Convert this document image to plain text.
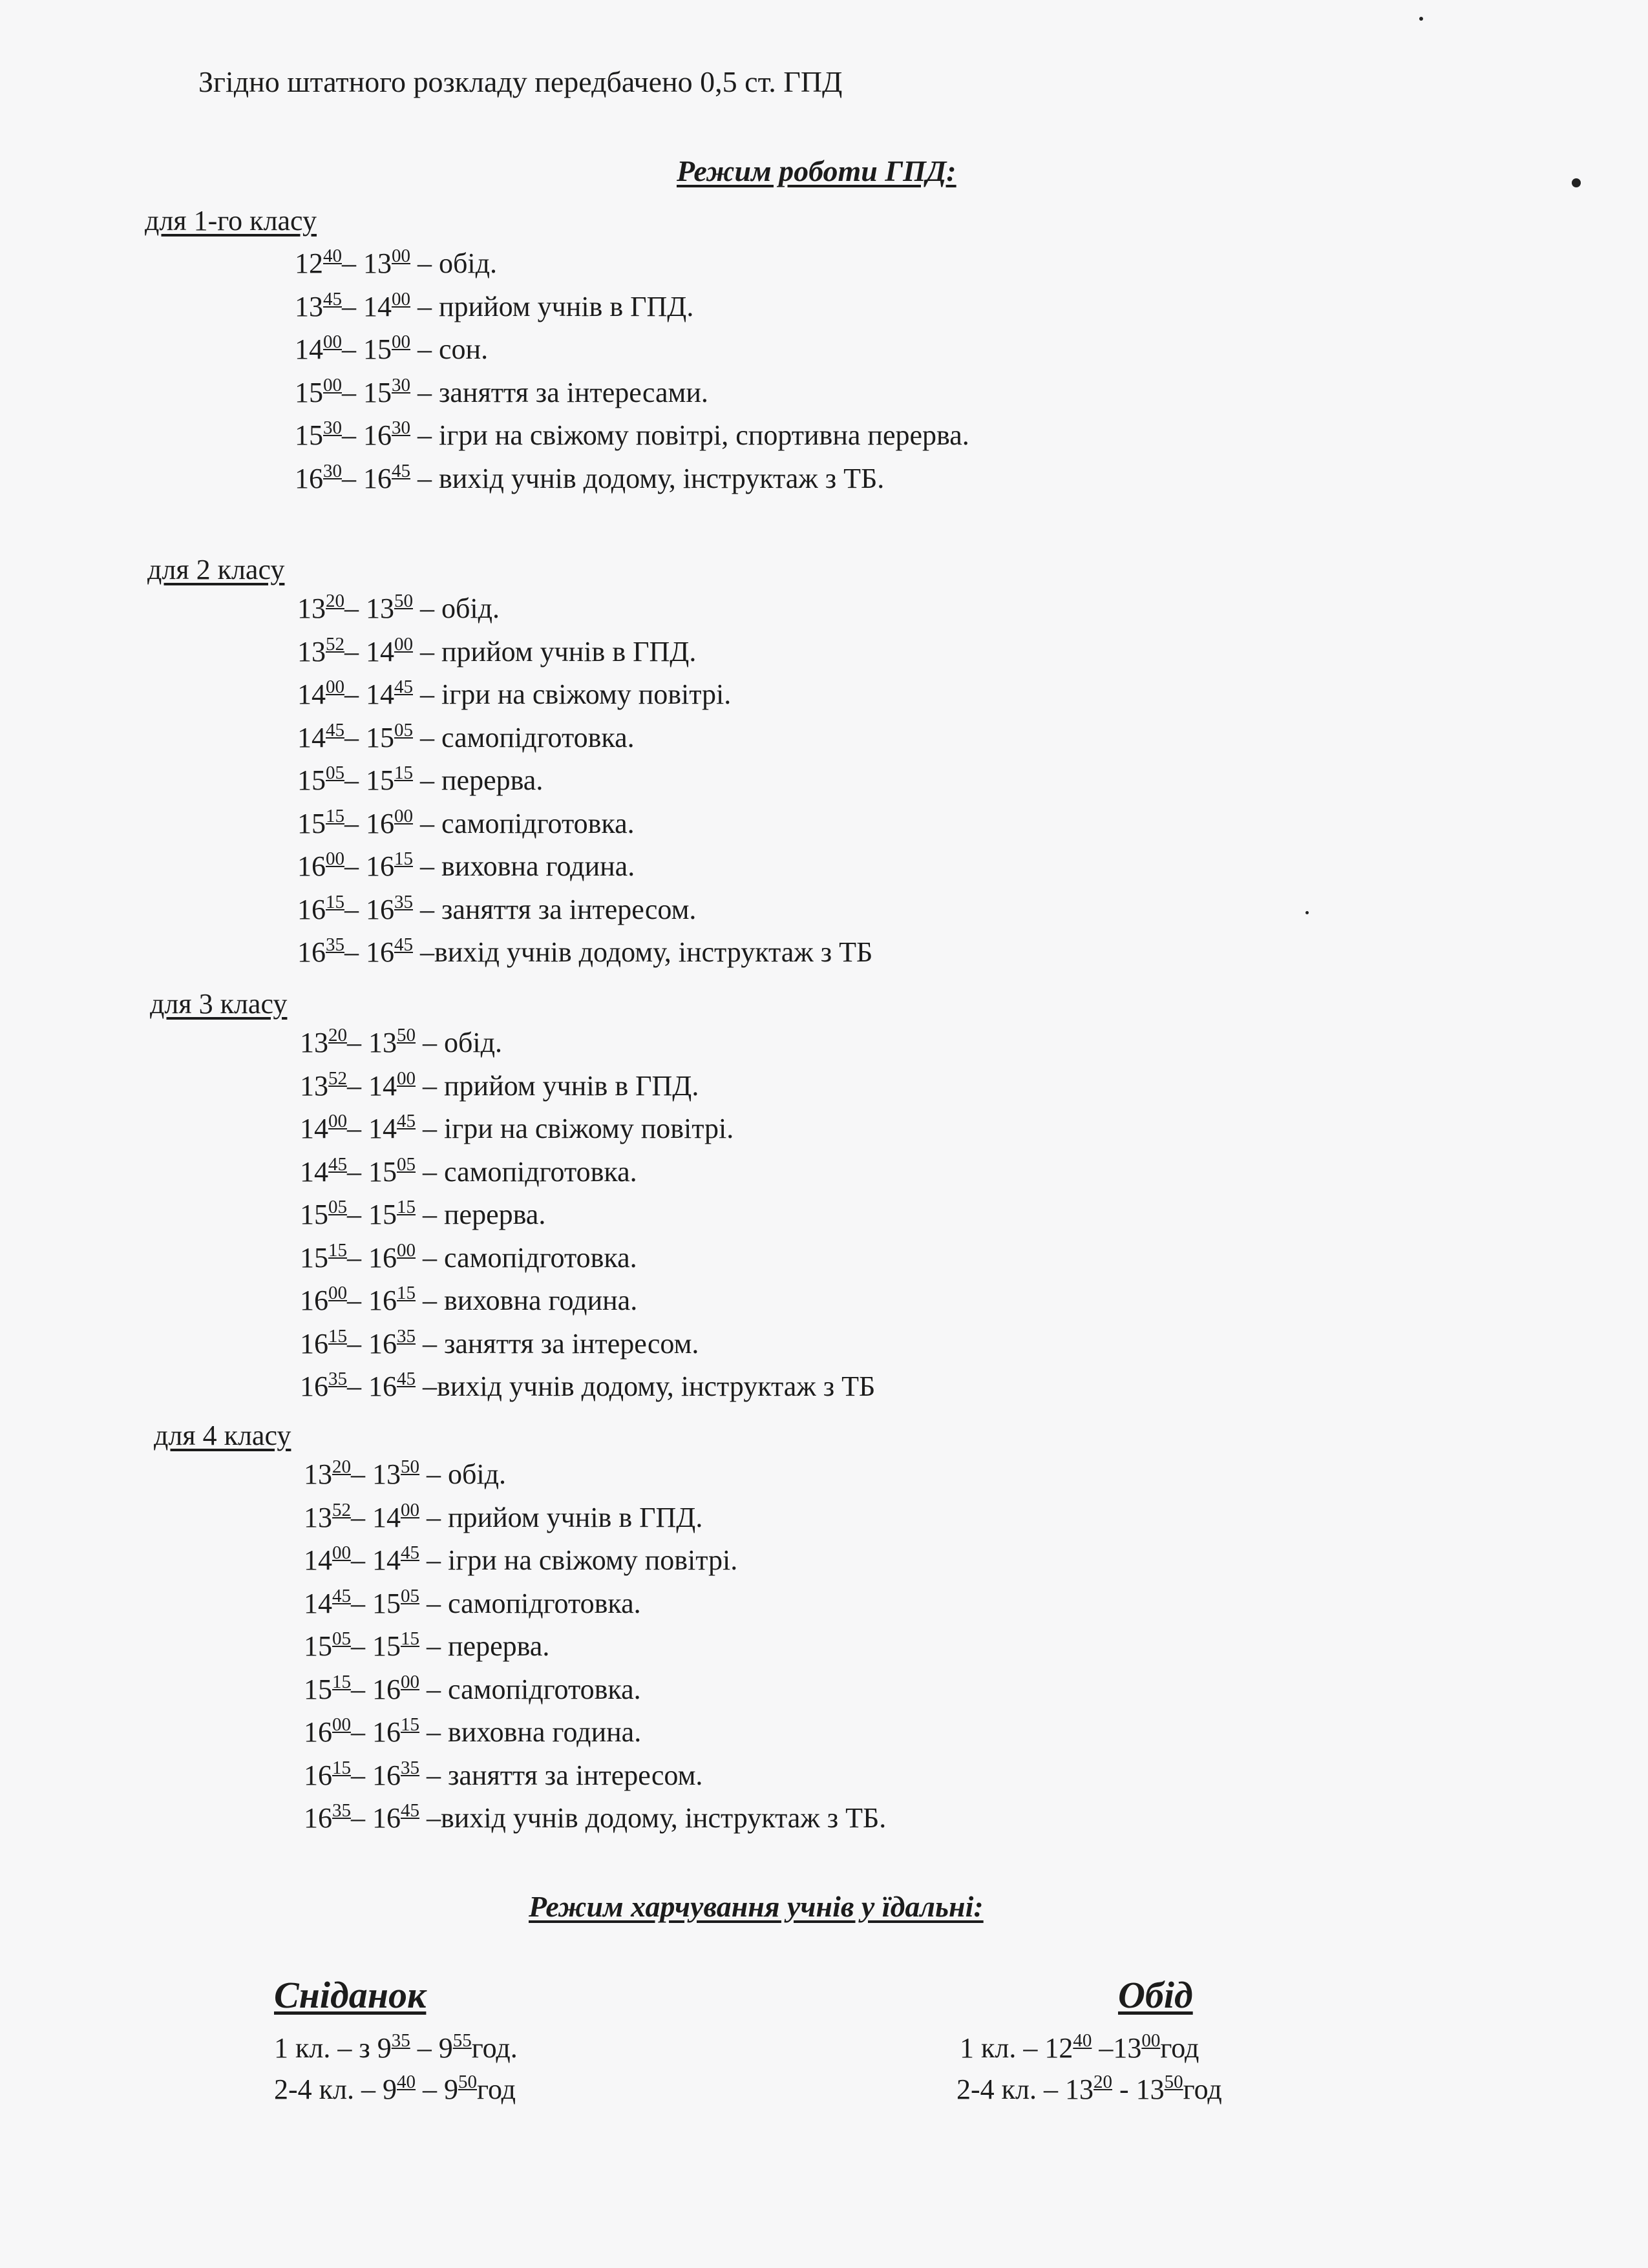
Згідно штатного розкладу передбачено 0,5 ст. ГПД
Режим роботи ГПД:
для 1-го класу
$12^{40}-$ $13^{00}$ – обід.
$13^{45}-$ $14^{00}$ – прийом учнів в ГПД.
$14^{00}-$ $15^{00}$ – сон.
$15^{00}-$ $15^{30}$ – заняття за інтересами.
$15^{30}-$ $16^{30}$ – ігри на свіжому повітрі, спортивна перерва.
$16^{30}-$ $16^{45}$ – вихід учнів додому, інструктаж з ТБ.
для 2 класу
$13^{20}-$ $13^{50}$ – обід.
$13^{52}-$ $14^{00}$ – прийом учнів в ГПД.
$14^{00}-$ $14^{45}$ – ігри на свіжому повітрі.
$14^{45}-$ $15^{05}$ – самопідготовка.
$15^{05}-$ $15^{15}$ – перерва.
$15^{15}-$ $16^{00}$ – самопідготовка.
$16^{00}-$ $16^{15}$ – виховна година.
$16^{15}-$ $16^{35}$ – заняття за інтересом.
$16^{35}-$ $16^{45}$ –вихід учнів додому, інструктаж з ТБ
для 3 класу
$13^{20}-$ $13^{50}$ – обід.
$13^{52}-$ $14^{00}$ – прийом учнів в ГПД.
$14^{00}-$ $14^{45}$ – ігри на свіжому повітрі.
$14^{45}-$ $15^{05}$ – самопідготовка.
$15^{05}-$ $15^{15}$ – перерва.
$15^{15}-$ $16^{00}$ – самопідготовка.
$16^{00}-$ $16^{15}$ – виховна година.
$16^{15}-$ $16^{35}$ – заняття за інтересом.
$16^{35}-$ $16^{45}$ –вихід учнів додому, інструктаж з ТБ
для 4 класу
$13^{20}-$ $13^{50}$ – обід.
$13^{52}-$ $14^{00}$ – прийом учнів в ГПД.
$14^{00}-$ $14^{45}$ – ігри на свіжому повітрі.
$14^{45}-$ $15^{05}$ – самопідготовка.
$15^{05}-$ $15^{15}$ – перерва.
$15^{15}-$ $16^{00}$ – самопідготовка.
$16^{00}-$ $16^{15}$ – виховна година.
$16^{15}-$ $16^{35}$ – заняття за інтересом.
$16^{35}-$ $16^{45}$ –вихід учнів додому, інструктаж з ТБ.
Режим харчування учнів у їдальні:
Сніданок
1 кл. – з $9^{35} - 9^{55}год$.
2-4 кл. – $9^{40} - 9^{50}год$
Обід
1 кл. – $12^{40}$ $-13^{00}год$
2-4 кл. – $13^{20} - 13^{50}год$
